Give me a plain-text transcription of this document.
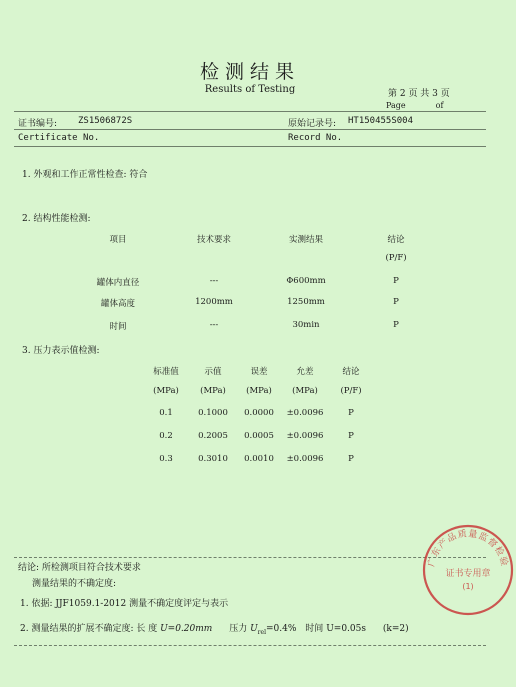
检测结果
Results of Testing	第 2 页 共 3 页
Page	of
证书编号: ZS1506872S	原始记录号: HT150455S004
Certificate No.	Record No.
1. 外观和工作正常性检查: 符合
2. 结构性能检测:
项目	技术要求	实测结果	结论
(P/F)
罐体内直径	---	Φ600mm	P
罐体高度	1200mm	1250mm	P
时间	---	30min	P
3. 压力表示值检测:
标准值	示值	误差	允差	结论
(MPa)	(MPa) (MPa) (MPa)	(P/F)
0.1	0.1000 0.0000 ±0.0096	P
0.2	0.2005 0.0005 ±0.0096	P
0.3	0.3010 0.0010 ±0.0096	P
结论: 所检测项目符合技术要求
测量结果的不确定度:
1. 依据: JJF1059.1-2012 测量不确定度评定与表示
2. 测量结果的扩展不确定度: 长 度 U=0.20mm 压力 $U_{rel}=0.4\%$ 时间 U=0.05s (k=2)
广东产品质量监督检验
证书专用章
(1)
